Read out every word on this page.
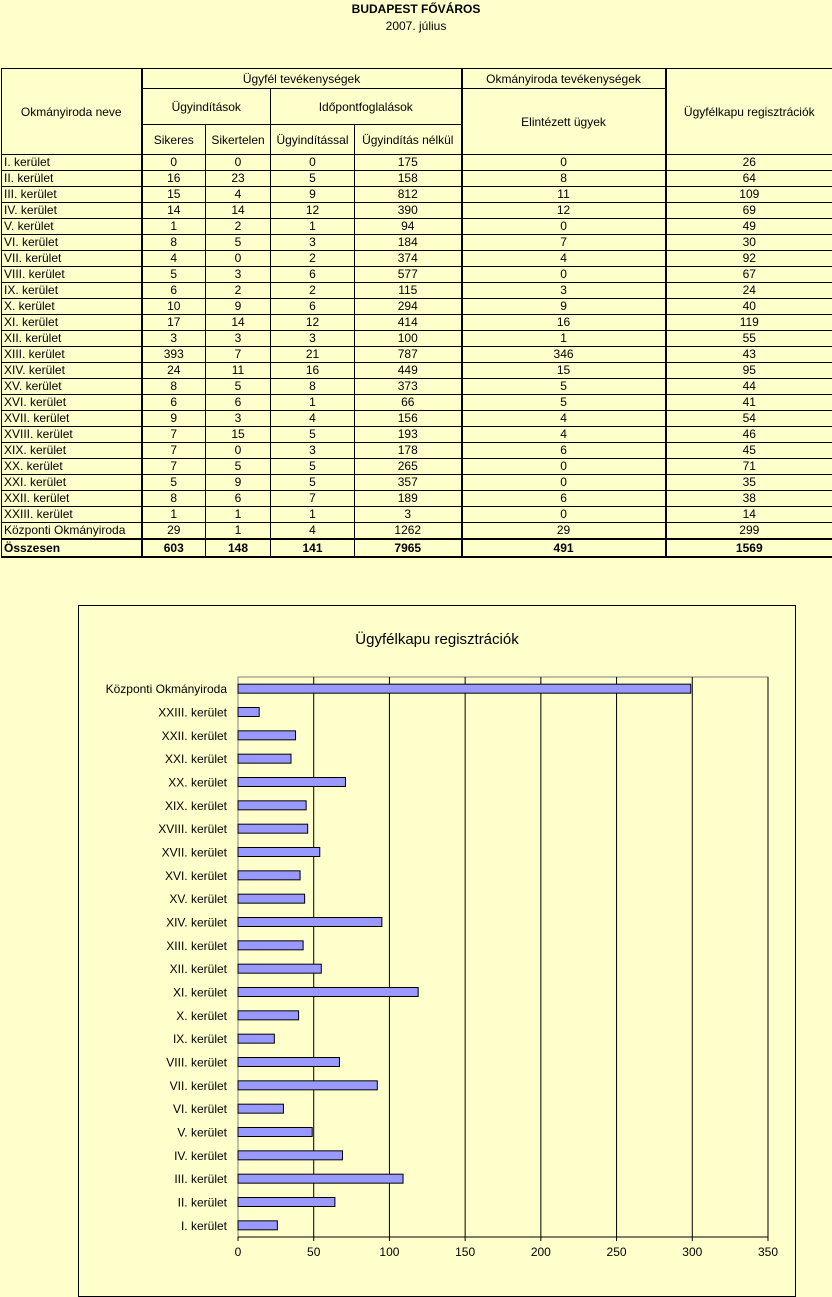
BUDAPEST FŐVÁROS
2007. július
Okmányiroda neve	Ügyfél tevékenységek				Okmányiroda tevékenységek	Ügyfélkapu regisztrációk
	Ügyindítások		Időpontfoglalások		Elintézett ügyek	
	Sikeres	Sikertelen	Ügyindítással	Ügyindítás nélkül		
I. kerület	0	0	0	175	0	26
II. kerület	16	23	5	158	8	64
III. kerület	15	4	9	812	11	109
IV. kerület	14	14	12	390	12	69
V. kerület	1	2	1	94	0	49
VI. kerület	8	5	3	184	7	30
VII. kerület	4	0	2	374	4	92
VIII. kerület	5	3	6	577	0	67
IX. kerület	6	2	2	115	3	24
X. kerület	10	9	6	294	9	40
XI. kerület	17	14	12	414	16	119
XII. kerület	3	3	3	100	1	55
XIII. kerület	393	7	21	787	346	43
XIV. kerület	24	11	16	449	15	95
XV. kerület	8	5	8	373	5	44
XVI. kerület	6	6	1	66	5	41
XVII. kerület	9	3	4	156	4	54
XVIII. kerület	7	15	5	193	4	46
XIX. kerület	7	0	3	178	6	45
XX. kerület	7	5	5	265	0	71
XXI. kerület	5	9	5	357	0	35
XXII. kerület	8	6	7	189	6	38
XXIII. kerület	1	1	1	3	0	14
Központi Okmányiroda	29	1	4	1262	29	299
Összesen	603	148	141	7965	491	1569
Ügyfélkapu regisztrációk
Központi Okmányiroda
XXIII. kerület
XXII. kerület
XXI. kerület
XX. kerület
XIX. kerület
XVIII. kerület
XVII. kerület
XVI. kerület
XV. kerület
XIV. kerület
XIII. kerület
XII. kerület
XI. kerület
X. kerület
IX. kerület
VIII. kerület
VII. kerület
VI. kerület
V. kerület
IV. kerület
III. kerület
II. kerület
I. kerület
0	50	100	150	200	250	300	350
